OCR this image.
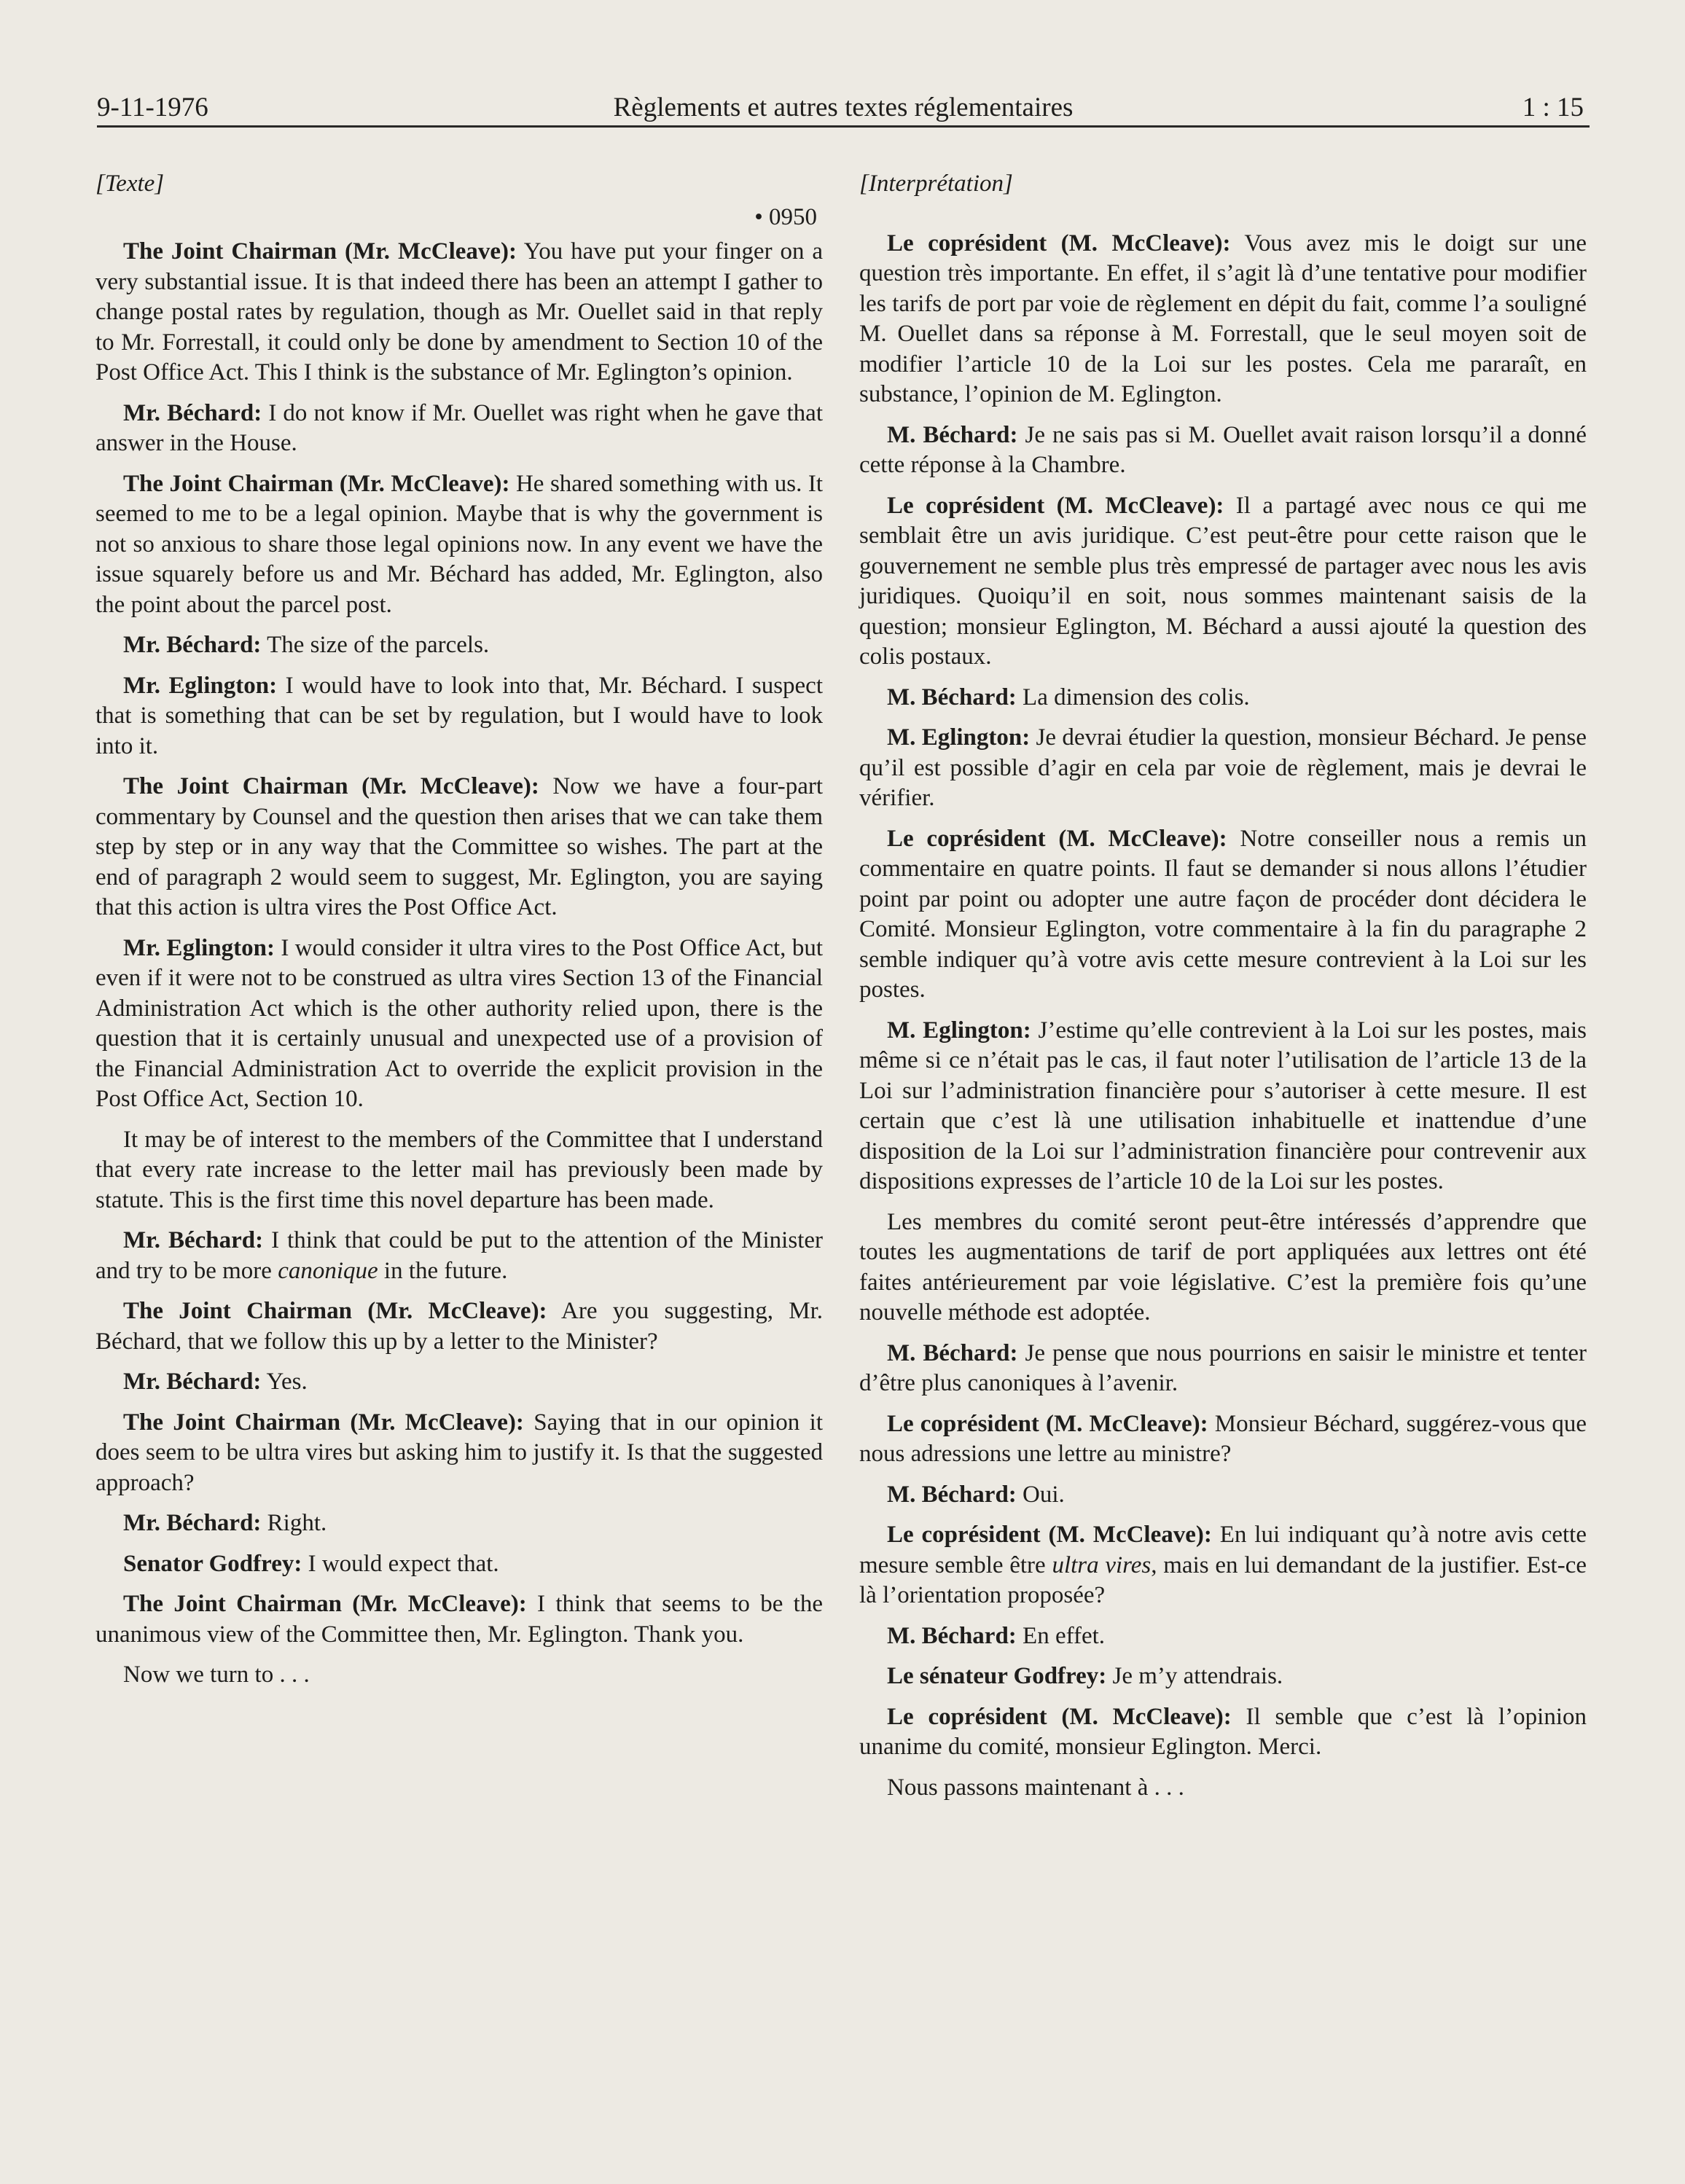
9-11-1976	Règlements et autres textes réglementaires	1 : 15

[Texte]

• 0950

The Joint Chairman (Mr. McCleave): You have put your finger on a very substantial issue. It is that indeed there has been an attempt I gather to change postal rates by regulation, though as Mr. Ouellet said in that reply to Mr. Forrestall, it could only be done by amendment to Section 10 of the Post Office Act. This I think is the substance of Mr. Eglington’s opinion.

Mr. Béchard: I do not know if Mr. Ouellet was right when he gave that answer in the House.

The Joint Chairman (Mr. McCleave): He shared something with us. It seemed to me to be a legal opinion. Maybe that is why the government is not so anxious to share those legal opinions now. In any event we have the issue squarely before us and Mr. Béchard has added, Mr. Eglington, also the point about the parcel post.

Mr. Béchard: The size of the parcels.

Mr. Eglington: I would have to look into that, Mr. Béchard. I suspect that is something that can be set by regulation, but I would have to look into it.

The Joint Chairman (Mr. McCleave): Now we have a four-part commentary by Counsel and the question then arises that we can take them step by step or in any way that the Committee so wishes. The part at the end of paragraph 2 would seem to suggest, Mr. Eglington, you are saying that this action is ultra vires the Post Office Act.

Mr. Eglington: I would consider it ultra vires to the Post Office Act, but even if it were not to be construed as ultra vires Section 13 of the Financial Administration Act which is the other authority relied upon, there is the question that it is certainly unusual and unexpected use of a provision of the Financial Administration Act to override the explicit provision in the Post Office Act, Section 10.

It may be of interest to the members of the Committee that I understand that every rate increase to the letter mail has previously been made by statute. This is the first time this novel departure has been made.

Mr. Béchard: I think that could be put to the attention of the Minister and try to be more canonique in the future.

The Joint Chairman (Mr. McCleave): Are you suggesting, Mr. Béchard, that we follow this up by a letter to the Minister?

Mr. Béchard: Yes.

The Joint Chairman (Mr. McCleave): Saying that in our opinion it does seem to be ultra vires but asking him to justify it. Is that the suggested approach?

Mr. Béchard: Right.

Senator Godfrey: I would expect that.

The Joint Chairman (Mr. McCleave): I think that seems to be the unanimous view of the Committee then, Mr. Eglington. Thank you.

Now we turn to . . .

[Interprétation]

Le coprésident (M. McCleave): Vous avez mis le doigt sur une question très importante. En effet, il s’agit là d’une tentative pour modifier les tarifs de port par voie de règlement en dépit du fait, comme l’a souligné M. Ouellet dans sa réponse à M. Forrestall, que le seul moyen soit de modifier l’article 10 de la Loi sur les postes. Cela me pararaît, en substance, l’opinion de M. Eglington.

M. Béchard: Je ne sais pas si M. Ouellet avait raison lorsqu’il a donné cette réponse à la Chambre.

Le coprésident (M. McCleave): Il a partagé avec nous ce qui me semblait être un avis juridique. C’est peut-être pour cette raison que le gouvernement ne semble plus très empressé de partager avec nous les avis juridiques. Quoiqu’il en soit, nous sommes maintenant saisis de la question; monsieur Eglington, M. Béchard a aussi ajouté la question des colis postaux.

M. Béchard: La dimension des colis.

M. Eglington: Je devrai étudier la question, monsieur Béchard. Je pense qu’il est possible d’agir en cela par voie de règlement, mais je devrai le vérifier.

Le coprésident (M. McCleave): Notre conseiller nous a remis un commentaire en quatre points. Il faut se demander si nous allons l’étudier point par point ou adopter une autre façon de procéder dont décidera le Comité. Monsieur Eglington, votre commentaire à la fin du paragraphe 2 semble indiquer qu’à votre avis cette mesure contrevient à la Loi sur les postes.

M. Eglington: J’estime qu’elle contrevient à la Loi sur les postes, mais même si ce n’était pas le cas, il faut noter l’utilisation de l’article 13 de la Loi sur l’administration financière pour s’autoriser à cette mesure. Il est certain que c’est là une utilisation inhabituelle et inattendue d’une disposition de la Loi sur l’administration financière pour contrevenir aux dispositions expresses de l’article 10 de la Loi sur les postes.

Les membres du comité seront peut-être intéressés d’apprendre que toutes les augmentations de tarif de port appliquées aux lettres ont été faites antérieurement par voie législative. C’est la première fois qu’une nouvelle méthode est adoptée.

M. Béchard: Je pense que nous pourrions en saisir le ministre et tenter d’être plus canoniques à l’avenir.

Le coprésident (M. McCleave): Monsieur Béchard, suggérez-vous que nous adressions une lettre au ministre?

M. Béchard: Oui.

Le coprésident (M. McCleave): En lui indiquant qu’à notre avis cette mesure semble être ultra vires, mais en lui demandant de la justifier. Est-ce là l’orientation proposée?

M. Béchard: En effet.

Le sénateur Godfrey: Je m’y attendrais.

Le coprésident (M. McCleave): Il semble que c’est là l’opinion unanime du comité, monsieur Eglington. Merci.

Nous passons maintenant à . . .
